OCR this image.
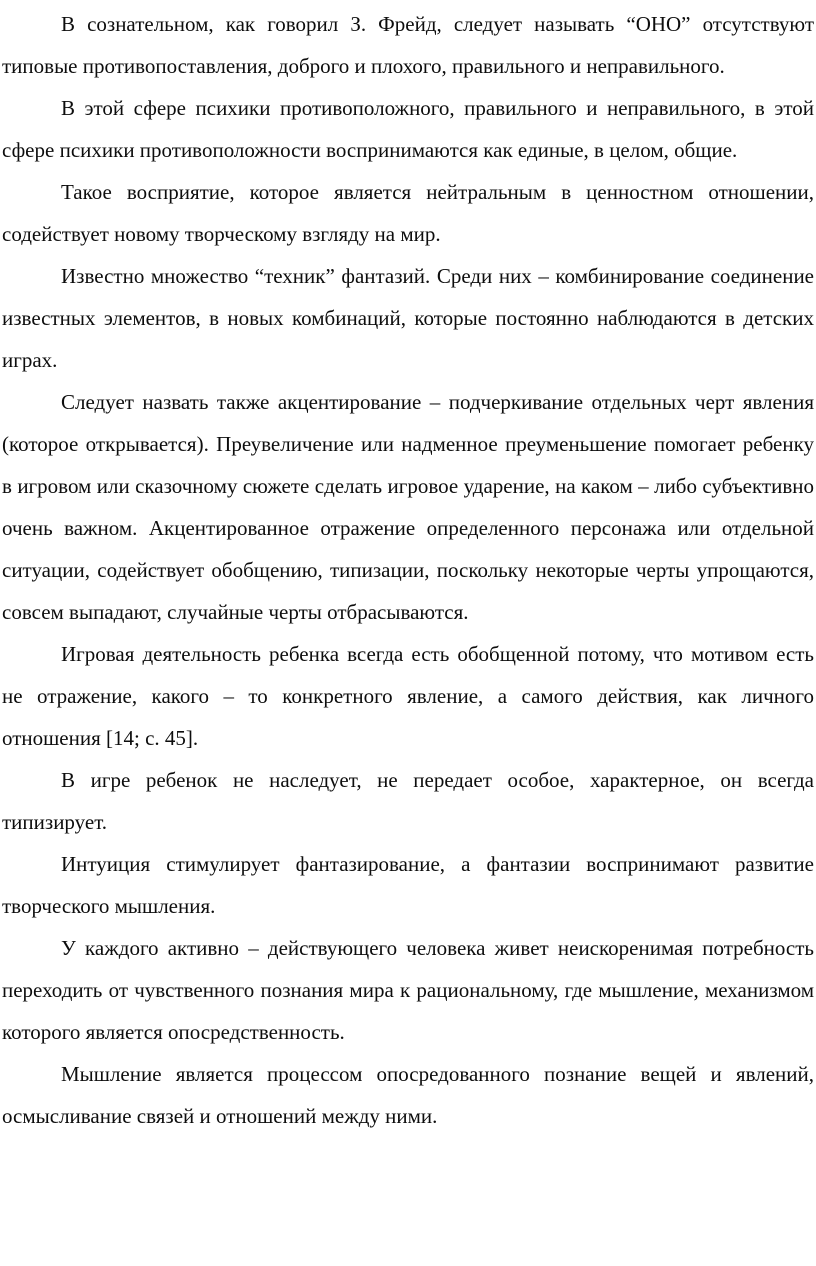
В сознательном, как говорил З. Фрейд, следует называть “ОНО” отсутствуют типовые противопоставления, доброго и плохого, правильного и неправильного.

В этой сфере психики противоположного, правильного и неправильного, в этой сфере психики противоположности воспринимаются как единые, в целом, общие.

Такое восприятие, которое является нейтральным в ценностном отношении, содействует новому творческому взгляду на мир.

Известно множество “техник” фантазий. Среди них – комбинирование соединение известных элементов, в новых комбинаций, которые постоянно наблюдаются в детских играх.

Следует назвать также акцентирование – подчеркивание отдельных черт явления (которое открывается). Преувеличение или надменное преуменьшение помогает ребенку в игровом или сказочному сюжете сделать игровое ударение, на каком – либо субъективно очень важном. Акцентированное отражение определенного персонажа или отдельной ситуации, содействует обобщению, типизации, поскольку некоторые черты упрощаются, совсем выпадают, случайные черты отбрасываются.

Игровая деятельность ребенка всегда есть обобщенной потому, что мотивом есть не отражение, какого – то конкретного явление, а самого действия, как личного отношения [14; с. 45].

В игре ребенок не наследует, не передает особое, характерное, он всегда типизирует.

Интуиция стимулирует фантазирование, а фантазии воспринимают развитие творческого мышления.

У каждого активно – действующего человека живет неискоренимая потребность переходить от чувственного познания мира к рациональному, где мышление, механизмом которого является опосредственность.

Мышление является процессом опосредованного познание вещей и явлений, осмысливание связей и отношений между ними.
